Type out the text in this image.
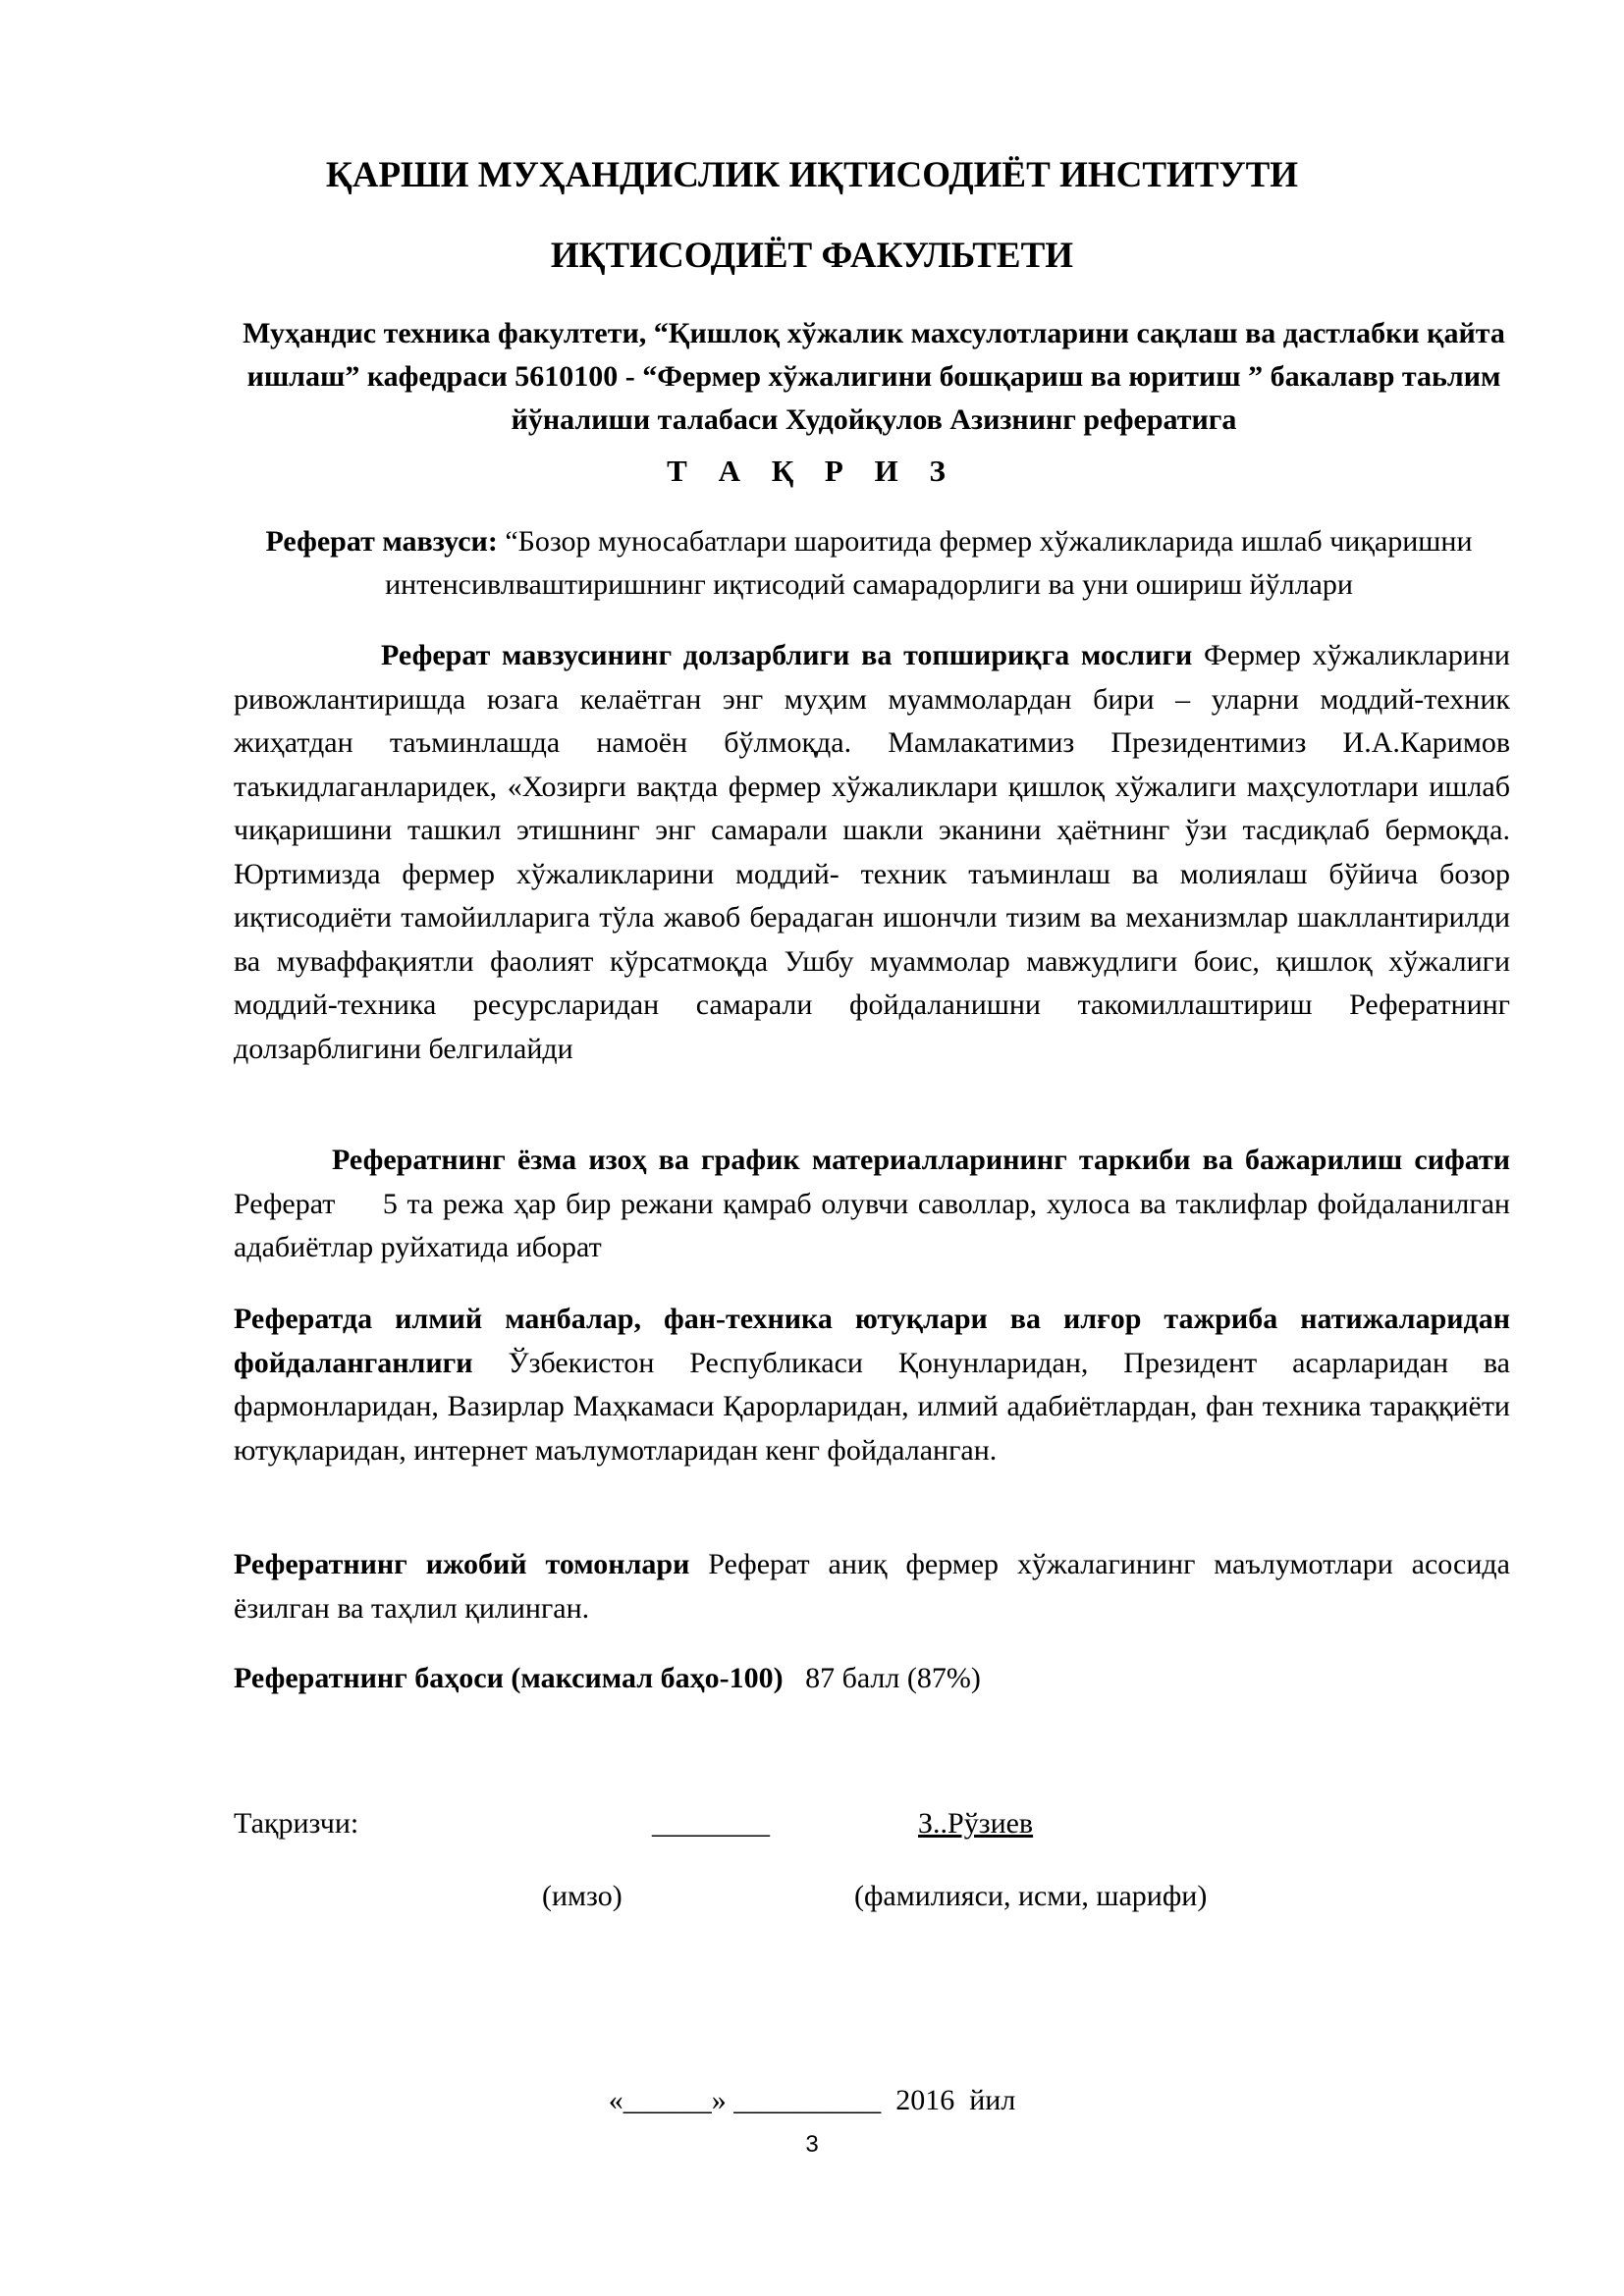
ҚАРШИ МУҲАНДИСЛИК ИҚТИСОДИЁТ ИНСТИТУТИ

ИҚТИСОДИЁТ ФАКУЛЬТЕТИ

Муҳандис техника факултети, “Қишлоқ хўжалик махсулотларини сақлаш ва дастлабки қайта ишлаш” кафедраси 5610100 - “Фермер хўжалигини бошқариш ва юритиш ” бакалавр таьлим йўналиши талабаси Худойқулов Азизнинг рефератига

Т А Қ Р И З

Реферат мавзуси: “Бозор муносабатлари шароитида фермер хўжаликларида ишлаб чиқаришни интенсивлваштиришнинг иқтисодий самарадорлиги ва уни ошириш йўллари

Реферат мавзусининг долзарблиги ва топшириқга мослиги Фермер хўжаликларини ривожлантиришда юзага келаётган энг муҳим муаммолардан бири – уларни моддий-техник жиҳатдан таъминлашда намоён бўлмоқда. Мамлакатимиз Президентимиз И.А.Каримов таъкидлаганларидек, «Хозирги вақтда фермер хўжаликлари қишлоқ хўжалиги маҳсулотлари ишлаб чиқаришини ташкил этишнинг энг самарали шакли эканини ҳаётнинг ўзи тасдиқлаб бермоқда. Юртимизда фермер хўжаликларини моддий- техник таъминлаш ва молиялаш бўйича бозор иқтисодиёти тамойилларига тўла жавоб берадаган ишончли тизим ва механизмлар шакллантирилди ва муваффақиятли фаолият кўрсатмоқда Ушбу муаммолар мавжудлиги боис, қишлоқ хўжалиги моддий-техника ресурсларидан самарали фойдаланишни такомиллаштириш Рефератнинг долзарблигини белгилайди

Рефератнинг ёзма изоҳ ва график материалларининг таркиби ва бажарилиш сифати      Реферат     5 та режа ҳар бир режани қамраб олувчи саволлар, хулоса ва таклифлар фойдаланилган адабиётлар руйхатида иборат

Рефератда илмий манбалар, фан-техника ютуқлари ва илғор тажриба натижаларидан фойдаланганлиги Ўзбекистон Республикаси Қонунларидан, Президент асарларидан ва фармонларидан, Вазирлар Маҳкамаси Қарорларидан, илмий адабиётлардан, фан техника тараққиёти ютуқларидан, интернет маълумотларидан кенг фойдаланган.

Рефератнинг ижобий томонлари Реферат аниқ фермер хўжалагининг маълумотлари асосида ёзилган ва таҳлил қилинган.

Рефератнинг баҳоси (максимал баҳо-100)   87 балл (87%)

Тақризчи:	________	З..Рўзиев
(имзо)	(фамилияси, исми, шарифи)
«______» __________  2016  йил
3
